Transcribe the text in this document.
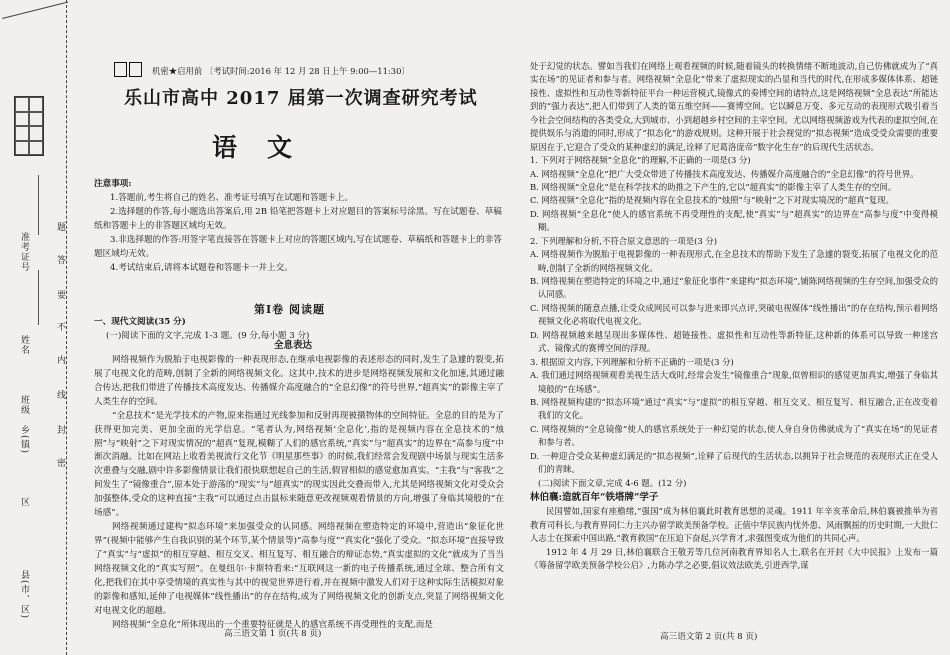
准考证号
姓名
班级
乡(镇)
区
县(市、区)
题
答
要
不
内
线
封
密
机密★启用前 〔考试时间:2016 年 12 月 28 日上午 9:00—11:30〕
乐山市高中 2017 届第一次调查研究考试
语文
注意事项:

1.答题前,考生将自己的姓名、准考证号填写在试题和答题卡上。

2.选择题的作答,每小题选出答案后,用 2B 铅笔把答题卡上对应题目的答案标号涂黑。写在试题卷、草稿纸和答题卡上的非答题区域均无效。

3.非选择题的作答:用签字笔直接答在答题卡上对应的答题区域内,写在试题卷、草稿纸和答题卡上的非答题区域均无效。

4.考试结束后,请将本试题卷和答题卡一并上交。

第Ⅰ卷 阅读题

一、现代文阅读(35 分)

(一)阅读下面的文字,完成 1-3 题。(9 分,每小题 3 分)

全息表达

网络视频作为脱胎于电视影像的一种表现形态,在继承电视影像的表述形态的同时,发生了急遽的裂变,拓展了电视文化的范畴,创制了全新的网络视频文化。这其中,技术的进步是网络视频发展和文化加速,其通过融合传达,把我们带进了传播技术高度发达、传播媒介高度融合的“全息幻像”的符号世界,“超真实”的影像主宰了人类生存的空间。

“全息技术”是光学技术的产物,原来指通过光线参加和反射再现被摄物体的空间特征。全息的目的是为了获得更加完美、更加全面的光学信息。“笔者认为,网络视频‘全息化’,指的是视频内容在全息技术的“烛照”与“映射”之下对现实情况的“超真”复现,模糊了人们的感官系统,“真实”与“超真实”的边界在“高参与度”中渐次消融。比如在网站上收看美视流行文化节《明星那些事》的时候,我们经常会发现剧中场景与现实生活多次重叠与交融,剧中许多影像情景让我们很快联想起自己的生活,假冒相似的感觉愈加真实。“主我”与“客我”之间发生了“镜像重合”,原本处于游荡的“现实”与“超真实”的现实因此交叠而带入,尤其是网络视频文化对受众会加强整体,受众的这种直接“主我”可以通过点击鼠标来随意更改视频观看情景的方向,增强了身临其境般的“在场感”。

网络视频通过建构“拟态环境”来加强受众的认同感。网络视频在塑造特定的环境中,营造出“象征化世界”(视频中能够产生自我识别的某个环节,某个情景等)“高参与度”“真实化”强化了受众。“拟态环境”直接导致了“真实”与“虚拟”的相互穿越、相互交叉、相互复写、相互融合的辩证态势,“真实虚拟的文化”就成为了当当网络视频文化的“真实写照”。在曼纽尔·卡斯特看来:“互联网这一新的电子传播系统,通过全球、整合所有文化,把我们在其中享受情境的真实性与其中的视觉世界进行着,并在视频中激发人们对于这种实际生活模拟对象的影像和感知,延伸了电视媒体“线性播出”的存在结构,成为了网络视频文化的创新支点,突显了网络视频文化对电视文化的超越。

网络视频“全息化”所体现出的一个重要特征就是人的感官系统不再受理性的支配,而是

高三语文第 1 页(共 8 页)

处于幻觉的状态。譬如当我们在网络上观看视频的时候,随着镜头的转换情绪不断地波动,自己仿佛就成为了“真实在场”的见证者和参与者。网络视频“全息化”带来了虚拟现实的凸显和当代的时代,在形成多媒体体系、超链接性、虚拟性和互动性等新特征平台一种运营模式,镜像式的奏博空间的诸特点,这是网络视频“全息表达”所能达到的“强力表达”,把人们带到了人类的第五维空间——赛博空间。它以瞬息万变、多元互动的表现形式吸引着当今社会空间结构的各类受众,大到城市、小到超越乡村空间的主宰空间。尤以网络视频游戏为代表的虚拟空间,在提供娱乐与消遣的同时,形成了“拟态化”的游戏规则。这种开展于社会视觉的“拟态视频”造成受受众需要的重要原因在于,它迎合了受众的某种虚幻的满足,诠释了尼葛洛庞帝“数字化生存”的后现代生活状态。

1. 下列对于网络视频“全息化”的理解,不正确的一项是(3 分)

A. 网络视频“全息化”把广大受众带进了传播技术高度发达、传播媒介高度融合的“全息幻像”的符号世界。

B. 网络视频“全息化”是在科学技术的助推之下产生的,它以“超真实”的影像主宰了人类生存的空间。

C. 网络视频“全息化”指的是视频内容在全息技术的“烛照”与“映射”之下对现实境况的“超真”复现。

D. 网络视频“全息化”使人的感官系统不再受理性的支配,使“真实”与“超真实”的边界在“高参与度”中变得模糊。

2. 下列理解和分析,不符合原文意思的一项是(3 分)

A. 网络视频作为脱胎于电视影像的一种表现形式,在全息技术的帮助下发生了急遽的裂变,拓展了电视文化的范畴,创制了全新的网络视频文化。

B. 网络视频在塑造特定的环境之中,通过“象征化事件”来建构“拟态环境”,铺陈网络视频的生存空间,加强受众的认同感。

C. 网络视频的随意点播,让受众成网民可以参与进来即兴点评,突破电视媒体“线性播出”的存在结构,预示着网络视频文化必将取代电视文化。

D. 网络视频越来越呈现出多媒体性、超链接性、虚拟性和互动性等新特征,这种新的体系可以导致一种迷宫式、镜像式的赛博空间的浮现。

3. 根据原文内容,下列理解和分析不正确的一项是(3 分)

A. 我们通过网络视频观看美视生活大戏时,经常会发生“镜像重合”现象,似曾相识的感觉更加真实,增强了身临其境般的“在场感”。

B. 网络视频构建的“拟态环境”通过“真实”与“虚拟”的相互穿越、相互交叉、相互复写、相互融合,正在改变着我们的文化。

C. 网络视频的“全息镜像”使人的感官系统处于一种幻觉的状态,使人身自身仿佛就成为了“真实在场”的见证者和参与者。

D. 一种迎合受众某种虚幻满足的“拟态视频”,诠释了后现代的生活状态,以拥异于社会规范的表现形式正在受人们的青睐。

(二)阅读下面文章,完成 4-6 题。(12 分)

林伯襄:造就百年“铁塔牌”学子

民国譬如,国家有座檐绪,“强国”成为林伯襄此时教育思想的灵魂。1911 年辛亥革命后,林伯襄被推举为省教育司科长,与教育界同仁力主兴办留学欧美预备学校。正值中华民族内忧外患、风雨飘摇的历史时期,一大批仁人志士在探索中国出路,“教育救国”在压迫下奋起,兴学育才,求强图变成为他们的共同心声。

1912 年 4 月 29 日,林伯襄联合王敬芳等几位河南教育界知名人士,联名在开封《大中民报》上发布一篇《筹备留学欧美预备学校公启》,力陈办学之必要,倡议效法欧美,引进西学,谋

高三语文第 2 页(共 8 页)
